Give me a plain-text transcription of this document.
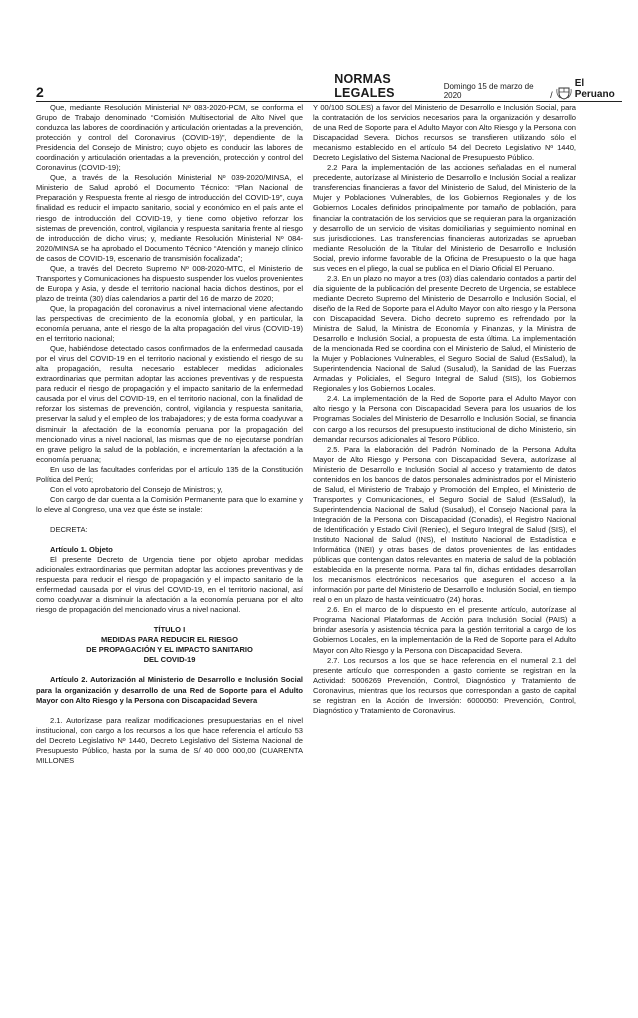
2
NORMAS LEGALES	Domingo 15 de marzo de 2020	/
El Peruano

Que, mediante Resolución Ministerial Nº 083-2020-PCM, se conforma el Grupo de Trabajo denominado “Comisión Multisectorial de Alto Nivel que conduzca las labores de coordinación y articulación orientadas a la prevención, protección y control del Coronavirus (COVID-19)”, dependiente de la Presidencia del Consejo de Ministro; cuyo objeto es conducir las labores de coordinación y articulación orientadas a la prevención, protección y control del Coronavirus (COVID-19);

Que, a través de la Resolución Ministerial Nº 039-2020/MINSA, el Ministerio de Salud aprobó el Documento Técnico: “Plan Nacional de Preparación y Respuesta frente al riesgo de introducción del COVID-19”, cuya finalidad es reducir el impacto sanitario, social y económico en el país ante el riesgo de introducción del COVID-19, y tiene como objetivo reforzar los sistemas de prevención, control, vigilancia y respuesta sanitaria frente al riesgo de introducción de dicho virus; y, mediante Resolución Ministerial Nº 084-2020/MINSA se ha aprobado el Documento Técnico “Atención y manejo clínico de casos de COVID-19, escenario de transmisión focalizada”;

Que, a través del Decreto Supremo Nº 008-2020-MTC, el Ministerio de Transportes y Comunicaciones ha dispuesto suspender los vuelos provenientes de Europa y Asia, y desde el territorio nacional hacia dichos destinos, por el plazo de treinta (30) días calendarios a partir del 16 de marzo de 2020;

Que, la propagación del coronavirus a nivel internacional viene afectando las perspectivas de crecimiento de la economía global, y en particular, la economía peruana, ante el riesgo de la alta propagación del virus (COVID-19) en el territorio nacional;

Que, habiéndose detectado casos confirmados de la enfermedad causada por el virus del COVID-19 en el territorio nacional y existiendo el riesgo de su alta propagación, resulta necesario establecer medidas adicionales extraordinarias que permitan adoptar las acciones preventivas y de respuesta para reducir el riesgo de propagación y el impacto sanitario de la enfermedad causada por el virus del COVID-19, en el territorio nacional, con la finalidad de reforzar los sistemas de prevención, control, vigilancia y respuesta sanitaria, preservar la salud y el empleo de los trabajadores; y de esta forma coadyuvar a disminuir la afectación de la economía peruana por la propagación del mencionado virus a nivel nacional, las mismas que de no ejecutarse pondrían en grave peligro la salud de la población, e incrementarían la afectación a la economía peruana;

En uso de las facultades conferidas por el artículo 135 de la Constitución Política del Perú;

Con el voto aprobatorio del Consejo de Ministros; y,

Con cargo de dar cuenta a la Comisión Permanente para que lo examine y lo eleve al Congreso, una vez que éste se instale:

DECRETA:

Artículo 1. Objeto

El presente Decreto de Urgencia tiene por objeto aprobar medidas adicionales extraordinarias que permitan adoptar las acciones preventivas y de respuesta para reducir el riesgo de propagación y el impacto sanitario de la enfermedad causada por el virus del COVID-19, en el territorio nacional, así como coadyuvar a disminuir la afectación a la economía peruana por el alto riesgo de propagación del mencionado virus a nivel nacional.

TÍTULO I

MEDIDAS PARA REDUCIR EL RIESGO

DE PROPAGACIÓN Y EL IMPACTO SANITARIO

DEL COVID-19

Artículo 2. Autorización al Ministerio de Desarrollo e Inclusión Social para la organización y desarrollo de una Red de Soporte para el Adulto Mayor con Alto Riesgo y la Persona con Discapacidad Severa

2.1. Autorízase para realizar modificaciones presupuestarias en el nivel institucional, con cargo a los recursos a los que hace referencia el artículo 53 del Decreto Legislativo Nº 1440, Decreto Legislativo del Sistema Nacional de Presupuesto Público, hasta por la suma de S/ 40 000 000,00 (CUARENTA MILLONES

Y 00/100 SOLES) a favor del Ministerio de Desarrollo e Inclusión Social, para la contratación de los servicios necesarios para la organización y desarrollo de una Red de Soporte para el Adulto Mayor con Alto Riesgo y la Persona con Discapacidad Severa. Dichos recursos se transfieren utilizando sólo el mecanismo establecido en el artículo 54 del Decreto Legislativo Nº 1440, Decreto Legislativo del Sistema Nacional de Presupuesto Público.

2.2 Para la implementación de las acciones señaladas en el numeral precedente, autorízase al Ministerio de Desarrollo e Inclusión Social a realizar transferencias financieras a favor del Ministerio de Salud, del Ministerio de la Mujer y Poblaciones Vulnerables, de los Gobiernos Regionales y de los Gobiernos Locales definidos principalmente por tamaño de población, para financiar la contratación de los servicios que se requieran para la organización y desarrollo de un servicio de visitas domiciliarias y seguimiento nominal en sus jurisdicciones. Las transferencias financieras autorizadas se aprueban mediante Resolución de la Titular del Ministerio de Desarrollo e Inclusión Social, previo informe favorable de la Oficina de Presupuesto o la que haga sus veces en el pliego, la cual se publica en el Diario Oficial El Peruano.

2.3. En un plazo no mayor a tres (03) días calendario contados a partir del día siguiente de la publicación del presente Decreto de Urgencia, se establece mediante Decreto Supremo del Ministerio de Desarrollo e Inclusión Social, el diseño de la Red de Soporte para el Adulto Mayor con alto riesgo y la Persona con Discapacidad Severa. Dicho decreto supremo es refrendado por la Ministra de Salud, la Ministra de Economía y Finanzas, y la Ministra de Desarrollo e Inclusión Social, a propuesta de esta última. La implementación de la mencionada Red se coordina con el Ministerio de Salud, el Ministerio de la Mujer y Poblaciones Vulnerables, el Seguro Social de Salud (EsSalud), la Superintendencia Nacional de Salud (Susalud), la Sanidad de las Fuerzas Armadas y Policiales, el Seguro Integral de Salud (SIS), los Gobiernos Regionales y los Gobiernos Locales.

2.4. La implementación de la Red de Soporte para el Adulto Mayor con alto riesgo y la Persona con Discapacidad Severa para los usuarios de los Programas Sociales del Ministerio de Desarrollo e Inclusión Social, se financia con cargo a los recursos del presupuesto institucional de dicho Ministerio, sin demandar recursos adicionales al Tesoro Público.

2.5. Para la elaboración del Padrón Nominado de la Persona Adulta Mayor de Alto Riesgo y Persona con Discapacidad Severa, autorízase al Ministerio de Desarrollo e Inclusión Social al acceso y tratamiento de datos contenidos en los bancos de datos personales administrados por el Ministerio de Salud, el Ministerio de Trabajo y Promoción del Empleo, el Ministerio de Transportes y Comunicaciones, el Seguro Social de Salud (EsSalud), la Superintendencia Nacional de Salud (Susalud), el Consejo Nacional para la Integración de la Persona con Discapacidad (Conadis), el Registro Nacional de Identificación y Estado Civil (Reniec), el Seguro Integral de Salud (SIS), el Instituto Nacional de Salud (INS), el Instituto Nacional de Estadística e Informática (INEI) y otras bases de datos provenientes de las entidades públicas que contengan datos relevantes en materia de salud de la población establecida en la presente norma. Para tal fin, dichas entidades desarrollan los mecanismos electrónicos necesarios que aseguren el acceso a la información por parte del Ministerio de Desarrollo e Inclusión Social, en tiempo real o en un plazo de hasta veinticuatro (24) horas.

2.6. En el marco de lo dispuesto en el presente artículo, autorízase al Programa Nacional Plataformas de Acción para Inclusión Social (PAIS) a brindar asesoría y asistencia técnica para la gestión territorial a cargo de los Gobiernos Locales, en la implementación de la Red de Soporte para el Adulto Mayor con Alto Riesgo y la Persona con Discapacidad Severa.

2.7. Los recursos a los que se hace referencia en el numeral 2.1 del presente artículo que corresponden a gasto corriente se registran en la Actividad: 5006269 Prevención, Control, Diagnóstico y Tratamiento de Coronavirus, mientras que los recursos que correspondan a gasto de capital se registran en la Acción de Inversión: 6000050: Prevención, Control, Diagnóstico y Tratamiento de Coronavirus.
